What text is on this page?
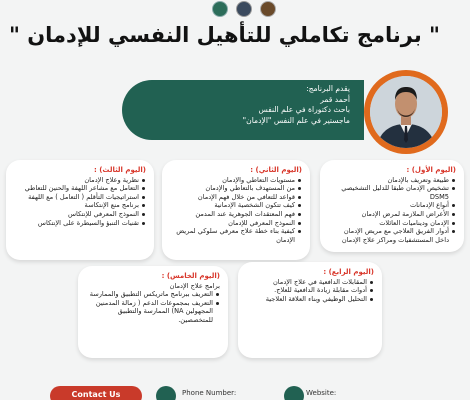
" برنامج تكاملي للتأهيل النفسي للإدمان "
يقدم البرنامج:
أحمد قمر
باحث دكتوراة في علم النفس
ماجستير في علم النفس "الإدمان"
(اليوم الأول) :
طبيعة وتعريف بالإدمان
تشخيص الإدمان طبقا للدليل التشخيصي DSM5
أنواع الإدمانات
الأعراض الملازمة لمرض الإدمان
الإدمان وديناميات العائلات
أدوار الفريق العلاجي مع مريض الإدمان داخل المستشفيات ومراكز علاج الإدمان
(اليوم الثاني) :
مستويات التعاطي والإدمان
من المستهدف بالتعاطي والإدمان
قواعد للتعافي من خلال فهم الإدمان
كيف تتكون الشخصية الإدمانية
فهم المعتقدات الجوهرية عند المدمن
النموذج المعرفي للإدمان
كيفية بناء خطة علاج معرفي سلوكي لمريض الإدمان
(اليوم الثالث) :
نظرية وعلاج الإدمان
التعامل مع مشاعر اللهفة والحنين للتعاطي
استراتيجيات التأقلم ( التعامل ) مع اللهفة
برنامج منع الإنتكاسة
النموذج المعرفي للإنتكاس
تقنيات التنبؤ والسيطرة على الإنتكاس
(اليوم الرابع) :
المقابلات الدافعية في علاج الإدمان
أدوات مقابلة زيادة الدافعية للعلاج.
التحليل الوظيفي وبناء العلاقة العلاجية
(اليوم الخامس) :
برامج علاج الإدمان
التعريف ببرنامج ماتريكس التطبيق والممارسة
التعريف بمجموعات الدعم ( زمالة المدمنين المجهولين NA) الممارسة والتطبيق للمتخصصين.
Contact Us	Phone Number:	Website:
